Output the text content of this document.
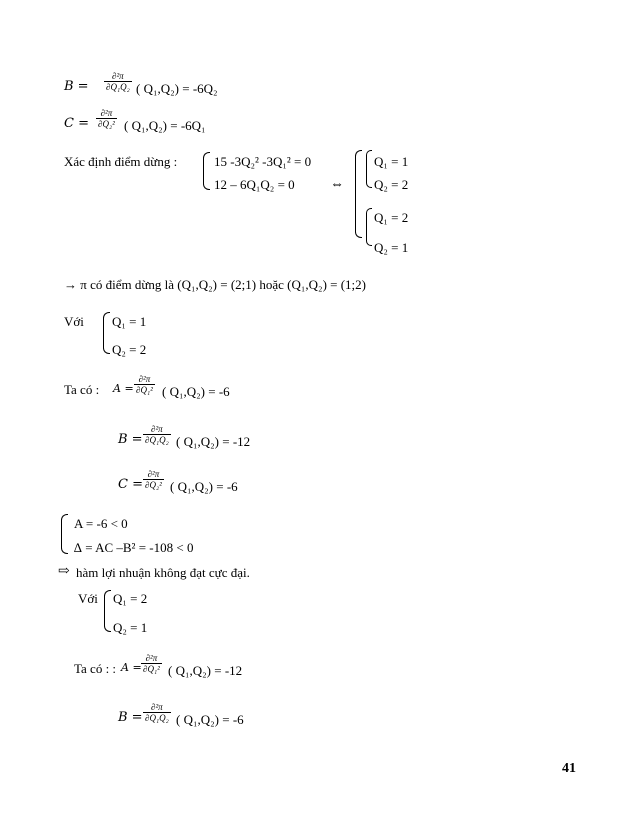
$B = \frac{\text{∂²π}}{\text{∂Q₁Q₂}}$ ( Q₁,Q₂) = -6Q₂
$C = \frac{\text{∂²π}}{\text{∂Q₂²}}$ ( Q₁,Q₂) = -6Q₁
Xác định điểm dừng :	15 -3Q₂² -3Q₁² = 0
12 – 6Q₁Q₂ = 0	⇔
Q₁ = 1
Q₂ = 2
Q₁ = 2
Q₂ = 1
→ π có điểm dừng là (Q₁,Q₂) = (2;1) hoặc (Q₁,Q₂) = (1;2)
Với Q₁ = 1
Q₂ = 2
Ta có : $A = \frac{\text{∂²π}}{\text{∂Q₁²}}$ ( Q₁,Q₂) = -6
$B = \frac{\text{∂²π}}{\text{∂Q₁Q₂}}$ ( Q₁,Q₂) = -12
$C = \frac{\text{∂²π}}{\text{∂Q₂²}}$ ( Q₁,Q₂) = -6
A = -6 < 0
∆ = AC –B² = -108 < 0
⇨ hàm lợi nhuận không đạt cực đại.
Với Q₁ = 2
Q₂ = 1
Ta có : : $A = \frac{\text{∂²π}}{\text{∂Q₁²}}$ ( Q₁,Q₂) = -12
$B = \frac{\text{∂²π}}{\text{∂Q₁Q₂}}$ ( Q₁,Q₂) = -6
41
